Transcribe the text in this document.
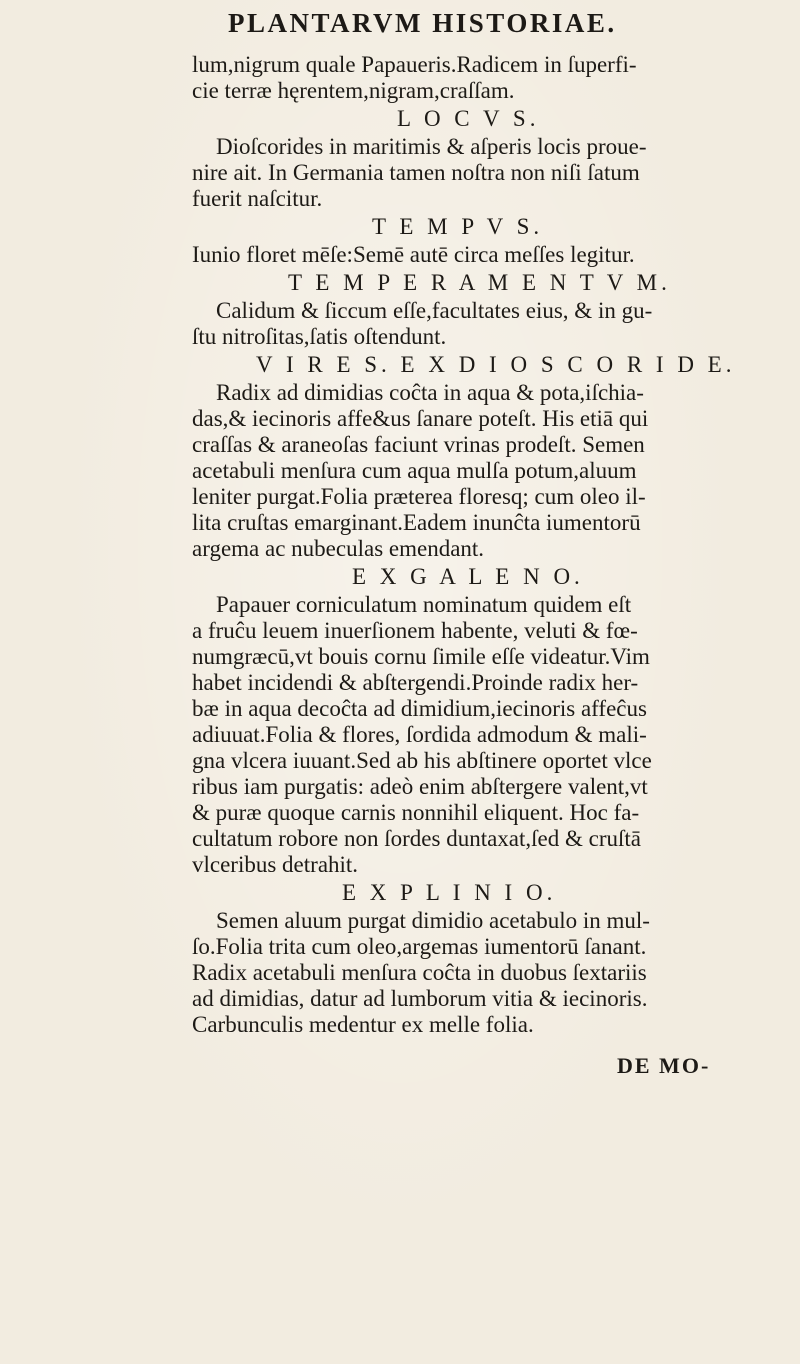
PLANTARVM HISTORIAE.
lum,nigrum quale Papaueris.Radicem in ſuperfi-
cie terræ hęrentem,nigram,craſſam.
L O C V S.
Dioſcorides in maritimis & aſperis locis proue-
nire ait. In Germania tamen noſtra non niſi ſatum
fuerit naſcitur.
T E M P V S.
Iunio floret mēſe:Semē autē circa meſſes legitur.
T E M P E R A M E N T V M.
Calidum & ſiccum eſſe,facultates eius, & in gu-
ſtu nitroſitas,ſatis oſtendunt.
V I R E S. E X D I O S C O R I D E.
Radix ad dimidias coĉta in aqua & pota,iſchia-
das,& iecinoris affe&us ſanare poteſt. His etiā qui
craſſas & araneoſas faciunt vrinas prodeſt. Semen
acetabuli menſura cum aqua mulſa potum,aluum
leniter purgat.Folia præterea floresq; cum oleo il-
lita cruſtas emarginant.Eadem inunĉta iumentorū
argema ac nubeculas emendant.
E X G A L E N O.
Papauer corniculatum nominatum quidem eſt
a fruĉu leuem inuerſionem habente, veluti & fœ-
numgræcū,vt bouis cornu ſimile eſſe videatur.Vim
habet incidendi & abſtergendi.Proinde radix her-
bæ in aqua decoĉta ad dimidium,iecinoris affeĉus
adiuuat.Folia & flores, ſordida admodum & mali-
gna vlcera iuuant.Sed ab his abſtinere oportet vlce
ribus iam purgatis: adeò enim abſtergere valent,vt
& puræ quoque carnis nonnihil eliquent. Hoc fa-
cultatum robore non ſordes duntaxat,ſed & cruſtā
vlceribus detrahit.
E X P L I N I O.
Semen aluum purgat dimidio acetabulo in mul-
ſo.Folia trita cum oleo,argemas iumentorū ſanant.
Radix acetabuli menſura coĉta in duobus ſextariis
ad dimidias, datur ad lumborum vitia & iecinoris.
Carbunculis medentur ex melle folia.
DE MO-
